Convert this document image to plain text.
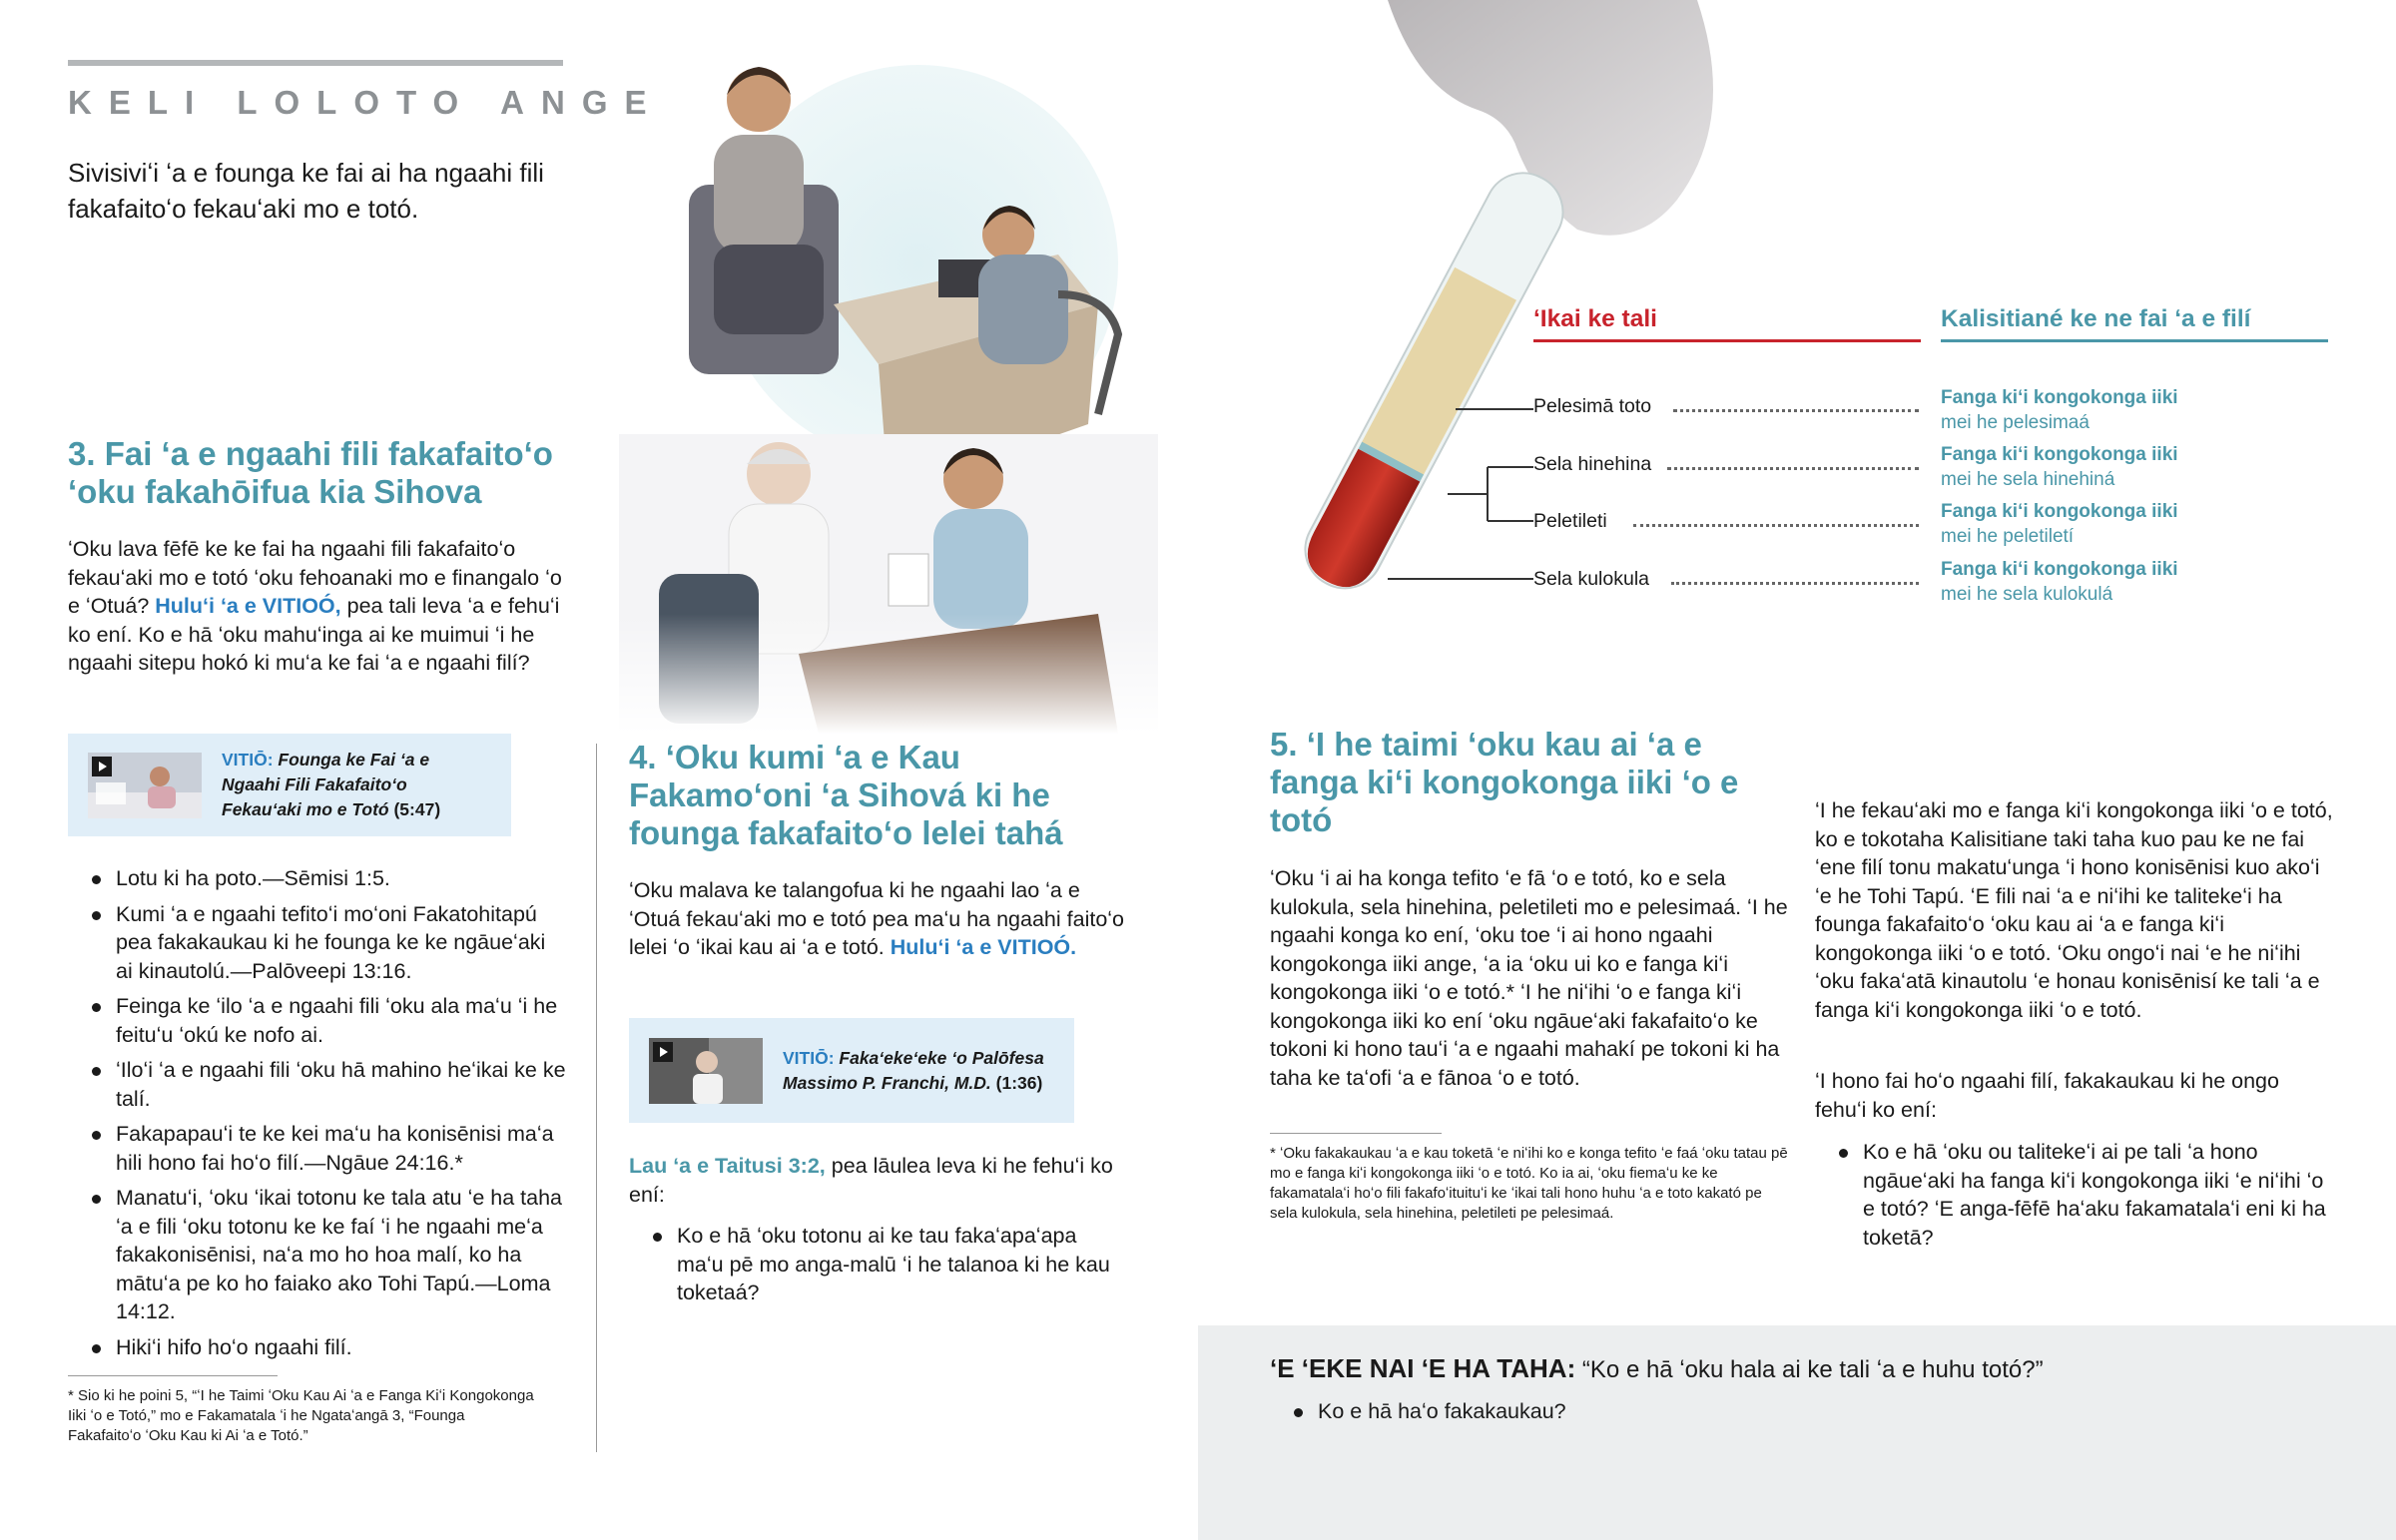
KELI LOLOTO ANGE
Sivisiviʻi ʻa e founga ke fai ai ha ngaahi fili fakafaitoʻo fekauʻaki mo e totó.
3. Fai ʻa e ngaahi fili fakafaitoʻo ʻoku fakahōifua kia Sihova
ʻOku lava fēfē ke ke fai ha ngaahi fili fakafaitoʻo fekauʻaki mo e totó ʻoku fehoanaki mo e finangalo ʻo e ʻOtuá? Huluʻi ʻa e VITIOÓ, pea tali leva ʻa e fehuʻi ko ení. Ko e hā ʻoku mahuʻinga ai ke muimui ʻi he ngaahi sitepu hokó ki muʻa ke fai ʻa e ngaahi filí?
VITIŌ: Founga ke Fai ʻa e Ngaahi Fili Fakafaitoʻo Fekauʻaki mo e Totó (5:47)
Lotu ki ha poto.—Sēmisi 1:5.
Kumi ʻa e ngaahi tefitoʻi moʻoni Fakatohitapú pea fakakaukau ki he founga ke ke ngāueʻaki ai kinautolú.—Palōveepi 13:16.
Feinga ke ʻilo ʻa e ngaahi fili ʻoku ala maʻu ʻi he feituʻu ʻokú ke nofo ai.
ʻIloʻi ʻa e ngaahi fili ʻoku hā mahino heʻikai ke ke talí.
Fakapapauʻi te ke kei maʻu ha konisēnisi maʻa hili hono fai hoʻo filí.—Ngāue 24:16.*
Manatuʻi, ʻoku ʻikai totonu ke tala atu ʻe ha taha ʻa e fili ʻoku totonu ke ke faí ʻi he ngaahi meʻa fakakonisēnisi, naʻa mo ho hoa malí, ko ha mātuʻa pe ko ho faiako ako Tohi Tapú.—Loma 14:12.
Hikiʻi hifo hoʻo ngaahi filí.
* Sio ki he poini 5, “ʻI he Taimi ʻOku Kau Ai ʻa e Fanga Kiʻi Kongokonga Iiki ʻo e Totó,” mo e Fakamatala ʻi he Ngataʻangā 3, “Founga Fakafaitoʻo ʻOku Kau ki Ai ʻa e Totó.”
4. ʻOku kumi ʻa e Kau Fakamoʻoni ʻa Sihová ki he founga fakafaitoʻo lelei tahá
ʻOku malava ke talangofua ki he ngaahi lao ʻa e ʻOtuá fekauʻaki mo e totó pea maʻu ha ngaahi faitoʻo lelei ʻo ʻikai kau ai ʻa e totó. Huluʻi ʻa e VITIOÓ.
VITIŌ: Fakaʻekeʻeke ʻo Palōfesa Massimo P. Franchi, M.D. (1:36)
Lau ʻa e Taitusi 3:2, pea lāulea leva ki he fehuʻi ko ení:
Ko e hā ʻoku totonu ai ke tau fakaʻapaʻapa maʻu pē mo anga-malū ʻi he talanoa ki he kau toketaá?
ʻIkai ke tali	Kalisitiané ke ne fai ʻa e filí
Pelesimā toto	Fanga kiʻi kongokonga iiki
mei he pelesimaá
Sela hinehina	Fanga kiʻi kongokonga iiki
mei he sela hinehiná
Peletileti	Fanga kiʻi kongokonga iiki
mei he peletiletí
Sela kulokula	Fanga kiʻi kongokonga iiki
mei he sela kulokulá
5. ʻI he taimi ʻoku kau ai ʻa e fanga kiʻi kongokonga iiki ʻo e totó
ʻOku ʻi ai ha konga tefito ʻe fā ʻo e totó, ko e sela kulokula, sela hinehina, peletileti mo e pelesimaá. ʻI he ngaahi konga ko ení, ʻoku toe ʻi ai hono ngaahi kongokonga iiki ange, ʻa ia ʻoku ui ko e fanga kiʻi kongokonga iiki ʻo e totó.* ʻI he niʻihi ʻo e fanga kiʻi kongokonga iiki ko ení ʻoku ngāueʻaki fakafaitoʻo ke tokoni ki hono tauʻi ʻa e ngaahi mahakí pe tokoni ki ha taha ke taʻofi ʻa e fānoa ʻo e totó.
* ʻOku fakakaukau ʻa e kau toketā ʻe niʻihi ko e konga tefito ʻe faá ʻoku tatau pē mo e fanga kiʻi kongokonga iiki ʻo e totó. Ko ia ai, ʻoku fiemaʻu ke ke fakamatalaʻi hoʻo fili fakafoʻituituʻi ke ʻikai tali hono huhu ʻa e toto kakató pe sela kulokula, sela hinehina, peletileti pe pelesimaá.
ʻI he fekauʻaki mo e fanga kiʻi kongokonga iiki ʻo e totó, ko e tokotaha Kalisitiane taki taha kuo pau ke ne fai ʻene filí tonu makatuʻunga ʻi hono konisēnisi kuo akoʻi ʻe he Tohi Tapú. ʻE fili nai ʻa e niʻihi ke talitekeʻi ha founga fakafaitoʻo ʻoku kau ai ʻa e fanga kiʻi kongokonga iiki ʻo e totó. ʻOku ongoʻi nai ʻe he niʻihi ʻoku fakaʻatā kinautolu ʻe honau konisēnisí ke tali ʻa e fanga kiʻi kongokonga iiki ʻo e totó.
ʻI hono fai hoʻo ngaahi filí, fakakaukau ki he ongo fehuʻi ko ení:
Ko e hā ʻoku ou talitekeʻi ai pe tali ʻa hono ngāueʻaki ha fanga kiʻi kongokonga iiki ʻe niʻihi ʻo e totó? ʻE anga-fēfē haʻaku fakamatalaʻi eni ki ha toketā?
ʻE ʻEKE NAI ʻE HA TAHA: “Ko e hā ʻoku hala ai ke tali ʻa e huhu totó?”
Ko e hā haʻo fakakaukau?
